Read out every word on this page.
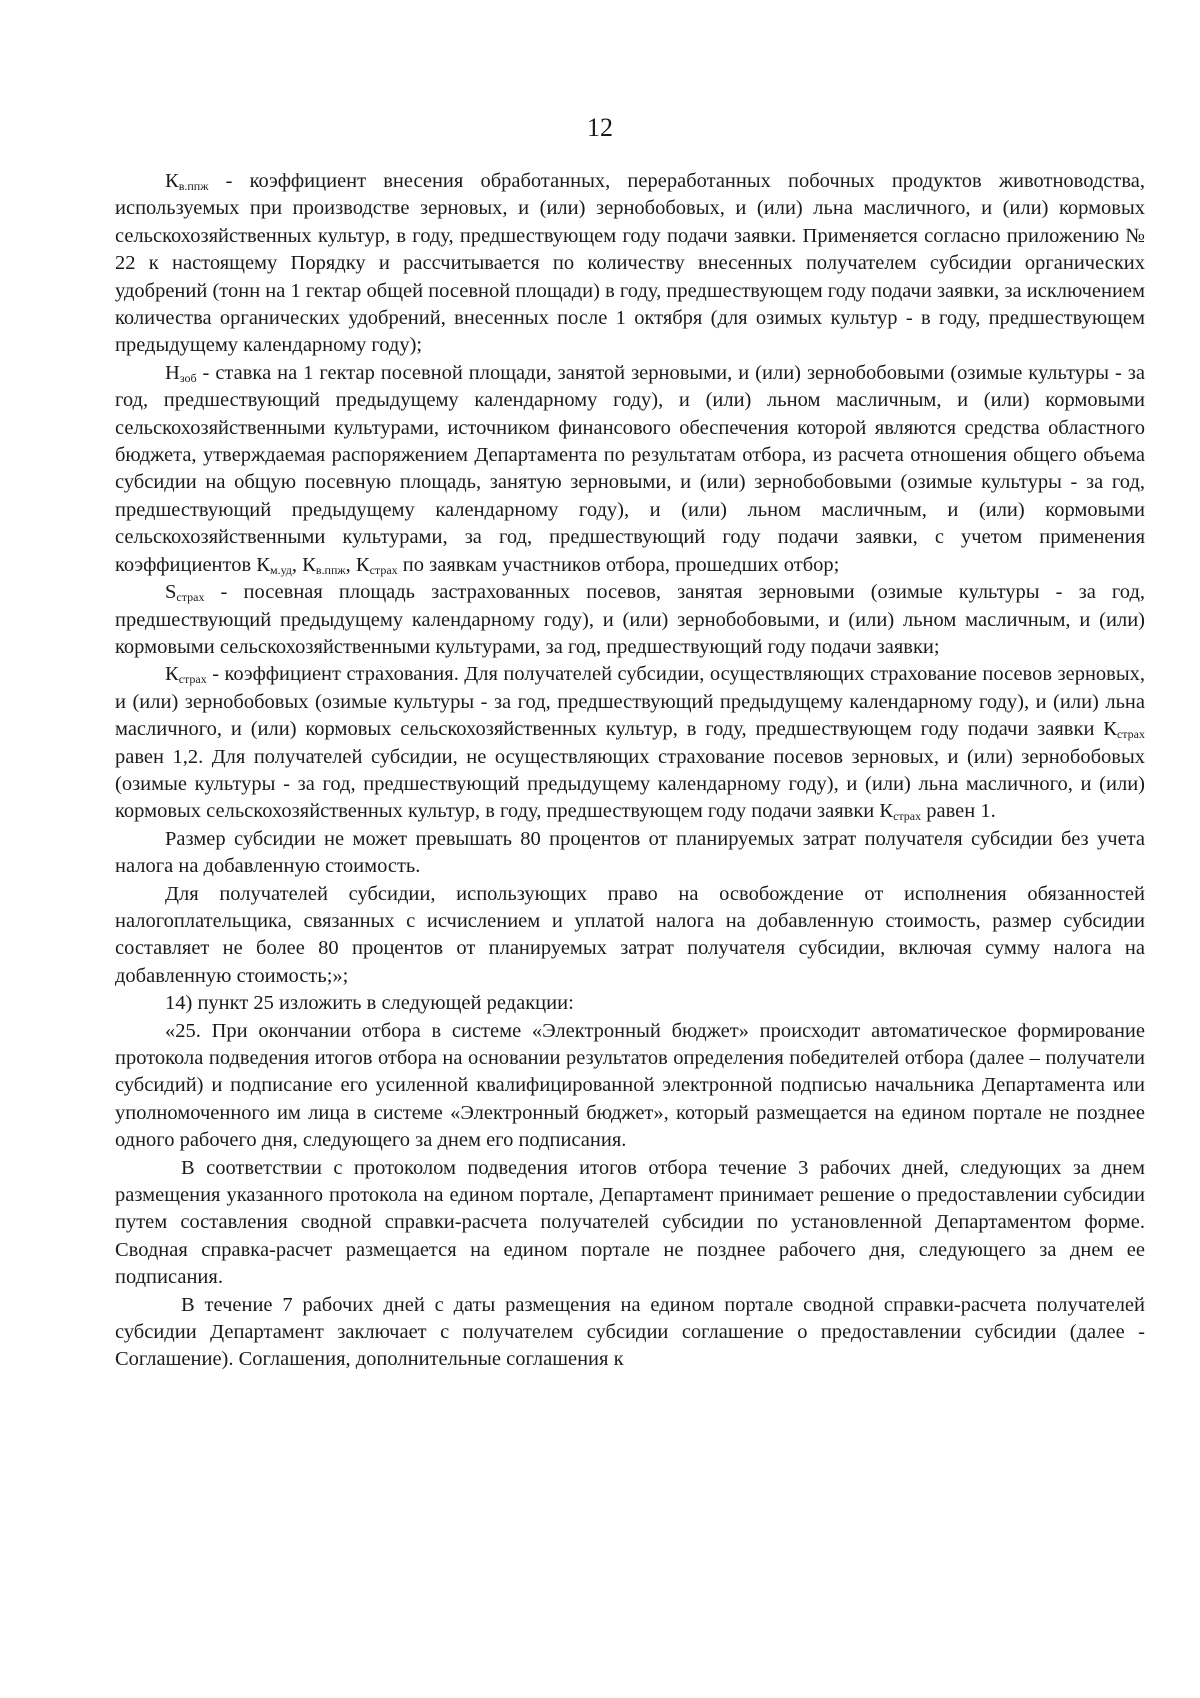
12

$К_{в.ппж}$ - коэффициент внесения обработанных, переработанных побочных продуктов животноводства, используемых при производстве зерновых, и (или) зернобобовых, и (или) льна масличного, и (или) кормовых сельскохозяйственных культур, в году, предшествующем году подачи заявки. Применяется согласно приложению № 22 к настоящему Порядку и рассчитывается по количеству внесенных получателем субсидии органических удобрений (тонн на 1 гектар общей посевной площади) в году, предшествующем году подачи заявки, за исключением количества органических удобрений, внесенных после 1 октября (для озимых культур - в году, предшествующем предыдущему календарному году);

$Н_{зоб}$ - ставка на 1 гектар посевной площади, занятой зерновыми, и (или) зернобобовыми (озимые культуры - за год, предшествующий предыдущему календарному году), и (или) льном масличным, и (или) кормовыми сельскохозяйственными культурами, источником финансового обеспечения которой являются средства областного бюджета, утверждаемая распоряжением Департамента по результатам отбора, из расчета отношения общего объема субсидии на общую посевную площадь, занятую зерновыми, и (или) зернобобовыми (озимые культуры - за год, предшествующий предыдущему календарному году), и (или) льном масличным, и (или) кормовыми сельскохозяйственными культурами, за год, предшествующий году подачи заявки, с учетом применения коэффициентов $К_{м.уд}$, $К_{в.ппж}$, $К_{страх}$ по заявкам участников отбора, прошедших отбор;

$S_{страх}$ - посевная площадь застрахованных посевов, занятая зерновыми (озимые культуры - за год, предшествующий предыдущему календарному году), и (или) зернобобовыми, и (или) льном масличным, и (или) кормовыми сельскохозяйственными культурами, за год, предшествующий году подачи заявки;

$К_{страх}$ - коэффициент страхования. Для получателей субсидии, осуществляющих страхование посевов зерновых, и (или) зернобобовых (озимые культуры - за год, предшествующий предыдущему календарному году), и (или) льна масличного, и (или) кормовых сельскохозяйственных культур, в году, предшествующем году подачи заявки $К_{страх}$ равен 1,2. Для получателей субсидии, не осуществляющих страхование посевов зерновых, и (или) зернобобовых (озимые культуры - за год, предшествующий предыдущему календарному году), и (или) льна масличного, и (или) кормовых сельскохозяйственных культур, в году, предшествующем году подачи заявки $К_{страх}$ равен 1.

Размер субсидии не может превышать 80 процентов от планируемых затрат получателя субсидии без учета налога на добавленную стоимость.

Для получателей субсидии, использующих право на освобождение от исполнения обязанностей налогоплательщика, связанных с исчислением и уплатой налога на добавленную стоимость, размер субсидии составляет не более 80 процентов от планируемых затрат получателя субсидии, включая сумму налога на добавленную стоимость;»;

14) пункт 25 изложить в следующей редакции:

«25. При окончании отбора в системе «Электронный бюджет» происходит автоматическое формирование протокола подведения итогов отбора на основании результатов определения победителей отбора (далее – получатели субсидий) и подписание его усиленной квалифицированной электронной подписью начальника Департамента или уполномоченного им лица в системе «Электронный бюджет», который размещается на едином портале не позднее одного рабочего дня, следующего за днем его подписания.

В соответствии с протоколом подведения итогов отбора течение 3 рабочих дней, следующих за днем размещения указанного протокола на едином портале, Департамент принимает решение о предоставлении субсидии путем составления сводной справки-расчета получателей субсидии по установленной Департаментом форме. Сводная справка-расчет размещается на едином портале не позднее рабочего дня, следующего за днем ее подписания.

В течение 7 рабочих дней с даты размещения на едином портале сводной справки-расчета получателей субсидии Департамент заключает с получателем субсидии соглашение о предоставлении субсидии (далее - Соглашение). Соглашения, дополнительные соглашения к
